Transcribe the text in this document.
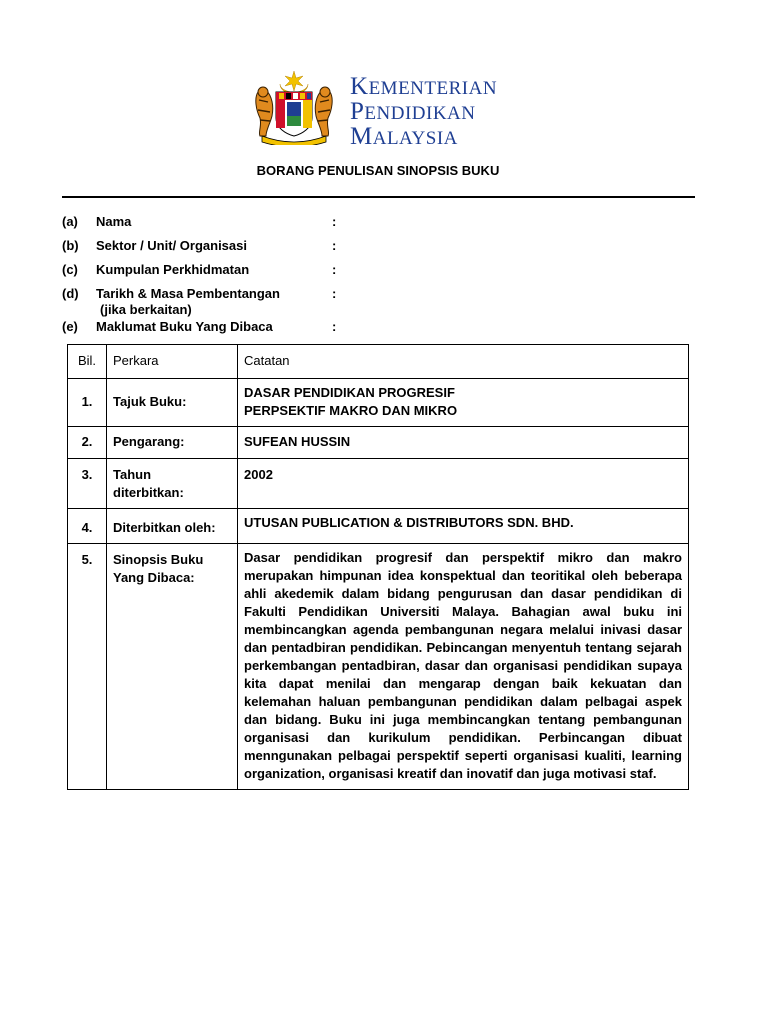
KEMENTERIAN
PENDIDIKAN
MALAYSIA
BORANG PENULISAN SINOPSIS BUKU
(a) Nama	:
(b) Sektor / Unit/ Organisasi	:
(c) Kumpulan Perkhidmatan	:
(d) Tarikh & Masa Pembentangan
(jika berkaitan)
:
(e) Maklumat Buku Yang Dibaca	:
Bil.	Perkara	Catatan
1.	Tajuk Buku:	DASAR PENDIDIKAN PROGRESIF
PERPSEKTIF MAKRO DAN MIKRO

2.	Pengarang:	SUFEAN HUSSIN
3.	Tahun
diterbitkan:	2002
4.	Diterbitkan oleh:	UTUSAN PUBLICATION & DISTRIBUTORS SDN. BHD.
5.	Sinopsis Buku
Yang Dibaca:	Dasar pendidikan progresif dan perspektif mikro dan makro merupakan himpunan idea konspektual dan teoritikal oleh beberapa ahli akedemik dalam bidang pengurusan dan dasar pendidikan di Fakulti Pendidikan Universiti Malaya. Bahagian awal buku ini membincangkan agenda pembangunan negara melalui inivasi dasar dan pentadbiran pendidikan. Pebincangan menyentuh tentang sejarah perkembangan pentadbiran, dasar dan organisasi pendidikan supaya kita dapat menilai dan mengarap dengan baik kekuatan dan kelemahan haluan pembangunan pendidikan dalam pelbagai aspek dan bidang. Buku ini juga membincangkan tentang pembangunan organisasi dan kurikulum pendidikan. Perbincangan dibuat menngunakan pelbagai perspektif seperti organisasi kualiti, learning organization, organisasi kreatif dan inovatif dan juga motivasi staf.
